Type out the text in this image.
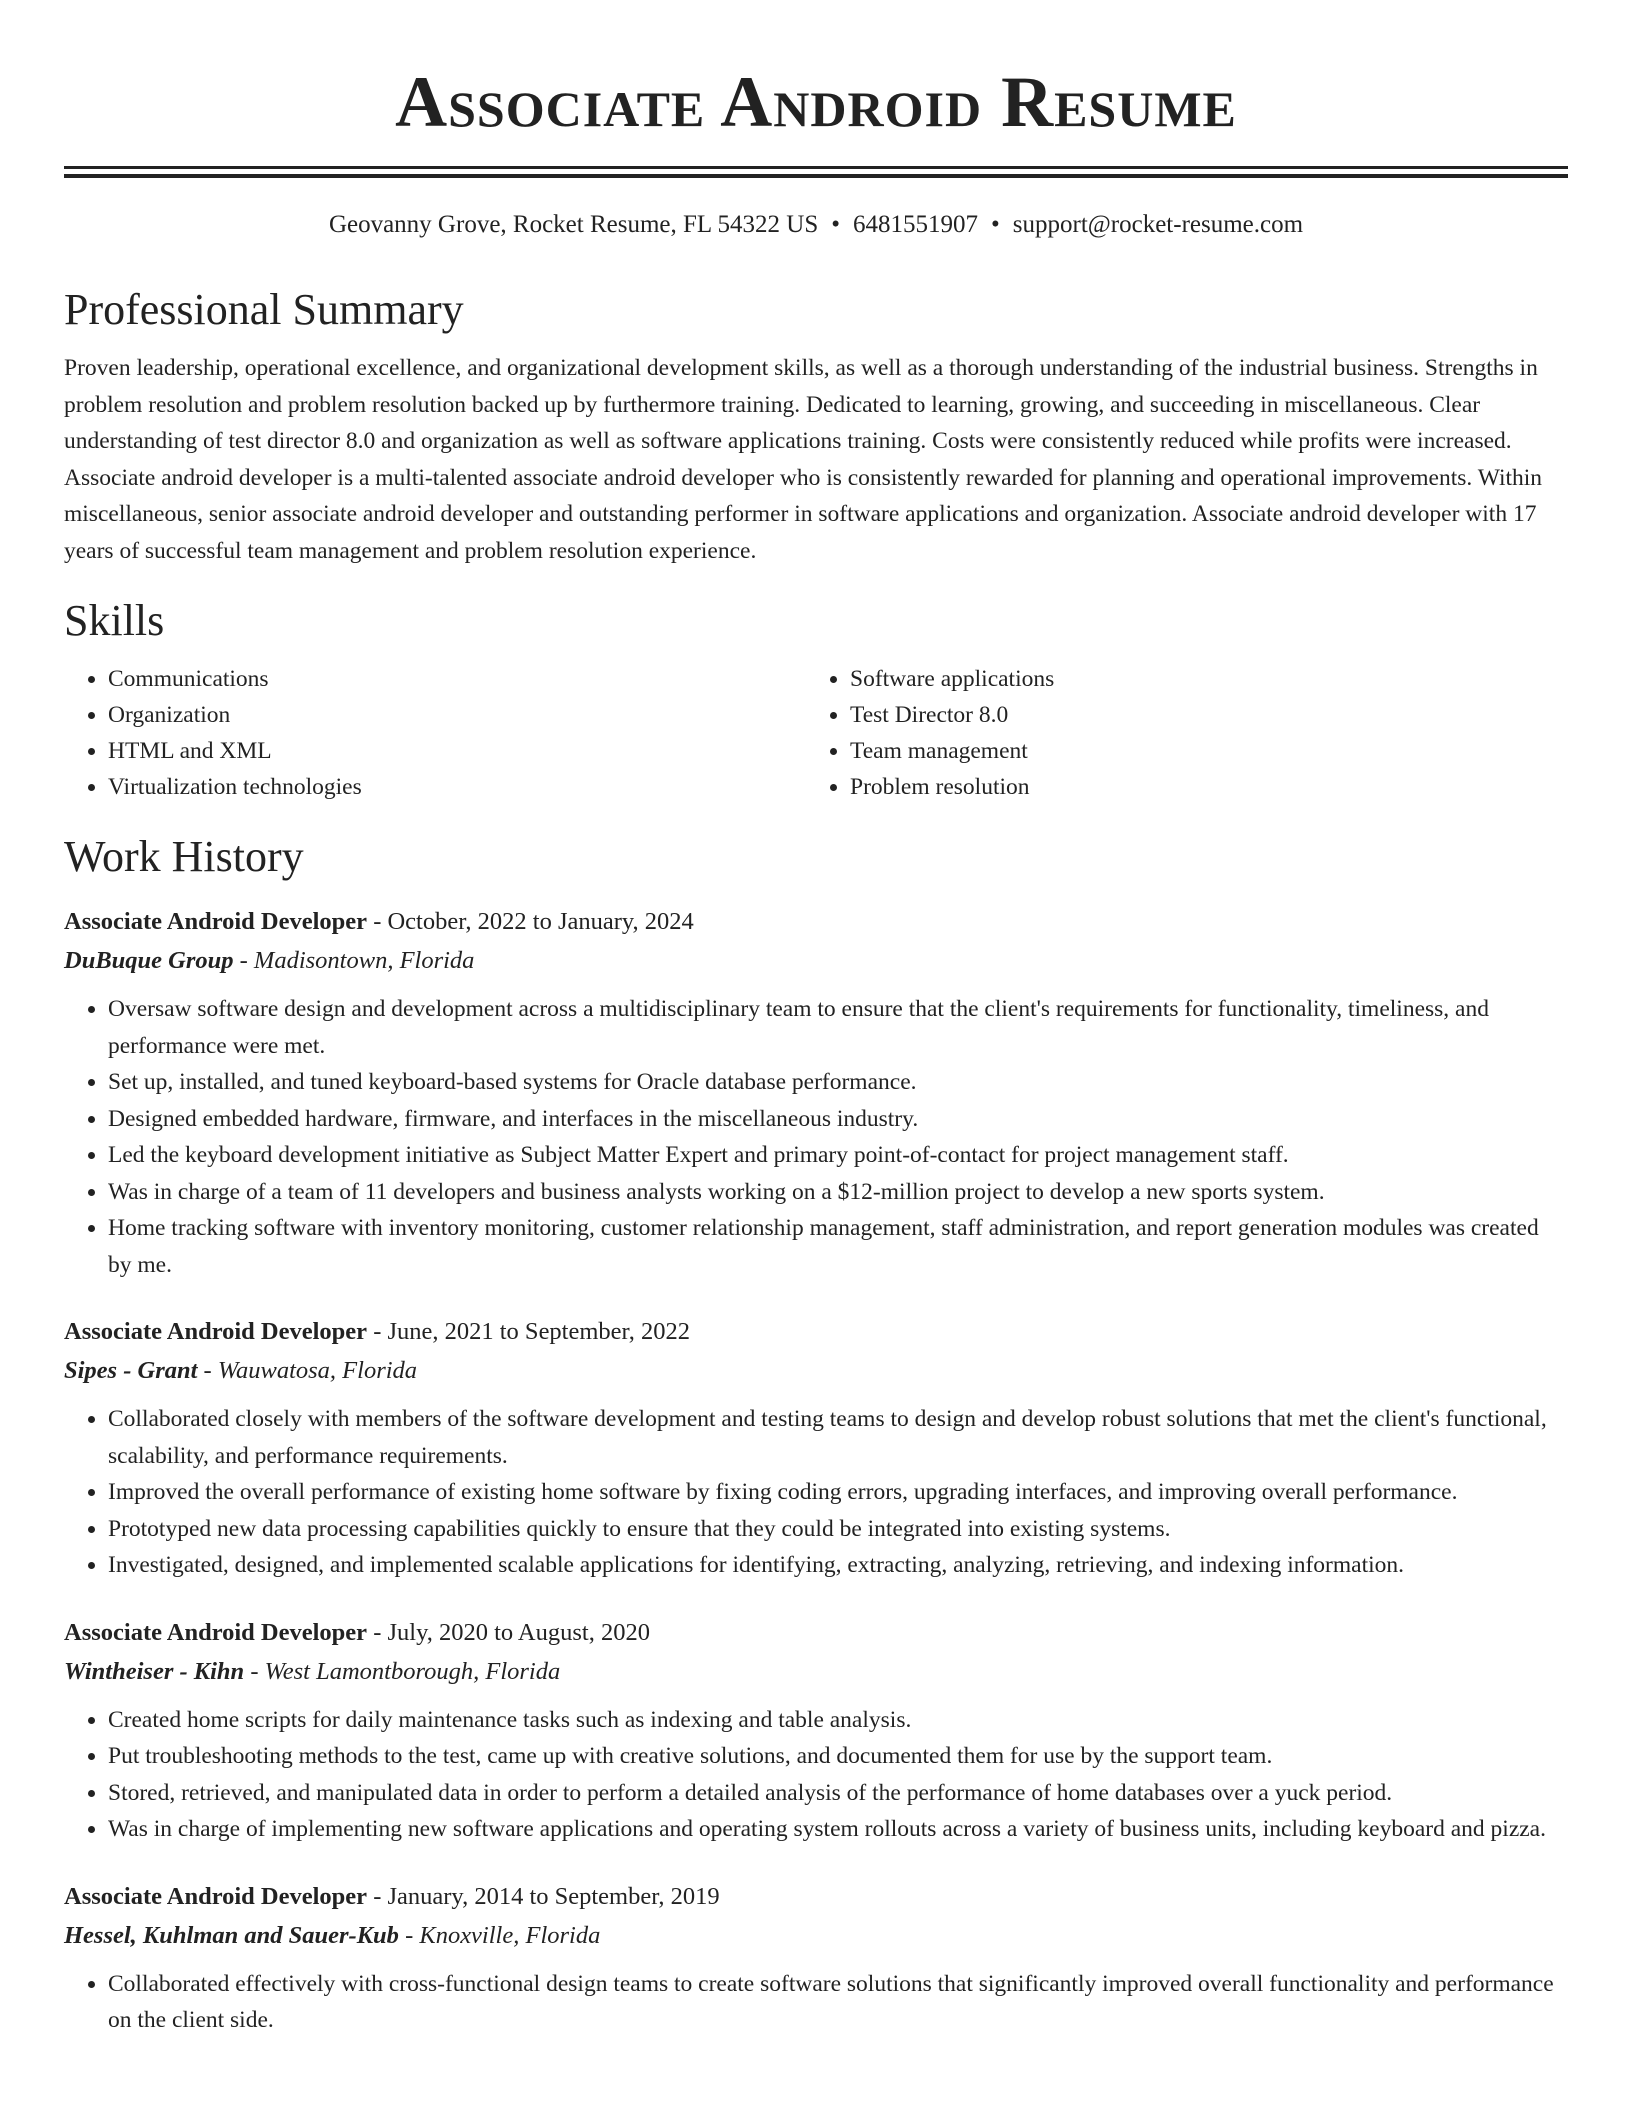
Associate Android Resume
Geovanny Grove, Rocket Resume, FL 54322 US • 6481551907 • support@rocket-resume.com
Professional Summary

Proven leadership, operational excellence, and organizational development skills, as well as a thorough understanding of the industrial business. Strengths in problem resolution and problem resolution backed up by furthermore training. Dedicated to learning, growing, and succeeding in miscellaneous. Clear understanding of test director 8.0 and organization as well as software applications training. Costs were consistently reduced while profits were increased. Associate android developer is a multi-talented associate android developer who is consistently rewarded for planning and operational improvements. Within miscellaneous, senior associate android developer and outstanding performer in software applications and organization. Associate android developer with 17 years of successful team management and problem resolution experience.

Skills
• Communications
• Organization
• HTML and XML
• Virtualization technologies
• Software applications
• Test Director 8.0
• Team management
• Problem resolution
Work History
Associate Android Developer - October, 2022 to January, 2024
DuBuque Group - Madisontown, Florida
• Oversaw software design and development across a multidisciplinary team to ensure that the client's requirements for functionality, timeliness, and performance were met.
• Set up, installed, and tuned keyboard-based systems for Oracle database performance.
• Designed embedded hardware, firmware, and interfaces in the miscellaneous industry.
• Led the keyboard development initiative as Subject Matter Expert and primary point-of-contact for project management staff.
• Was in charge of a team of 11 developers and business analysts working on a $12-million project to develop a new sports system.
• Home tracking software with inventory monitoring, customer relationship management, staff administration, and report generation modules was created by me.
Associate Android Developer - June, 2021 to September, 2022
Sipes - Grant - Wauwatosa, Florida
• Collaborated closely with members of the software development and testing teams to design and develop robust solutions that met the client's functional, scalability, and performance requirements.
• Improved the overall performance of existing home software by fixing coding errors, upgrading interfaces, and improving overall performance.
• Prototyped new data processing capabilities quickly to ensure that they could be integrated into existing systems.
• Investigated, designed, and implemented scalable applications for identifying, extracting, analyzing, retrieving, and indexing information.
Associate Android Developer - July, 2020 to August, 2020
Wintheiser - Kihn - West Lamontborough, Florida
• Created home scripts for daily maintenance tasks such as indexing and table analysis.
• Put troubleshooting methods to the test, came up with creative solutions, and documented them for use by the support team.
• Stored, retrieved, and manipulated data in order to perform a detailed analysis of the performance of home databases over a yuck period.
• Was in charge of implementing new software applications and operating system rollouts across a variety of business units, including keyboard and pizza.
Associate Android Developer - January, 2014 to September, 2019
Hessel, Kuhlman and Sauer-Kub - Knoxville, Florida
• Collaborated effectively with cross-functional design teams to create software solutions that significantly improved overall functionality and performance on the client side.
